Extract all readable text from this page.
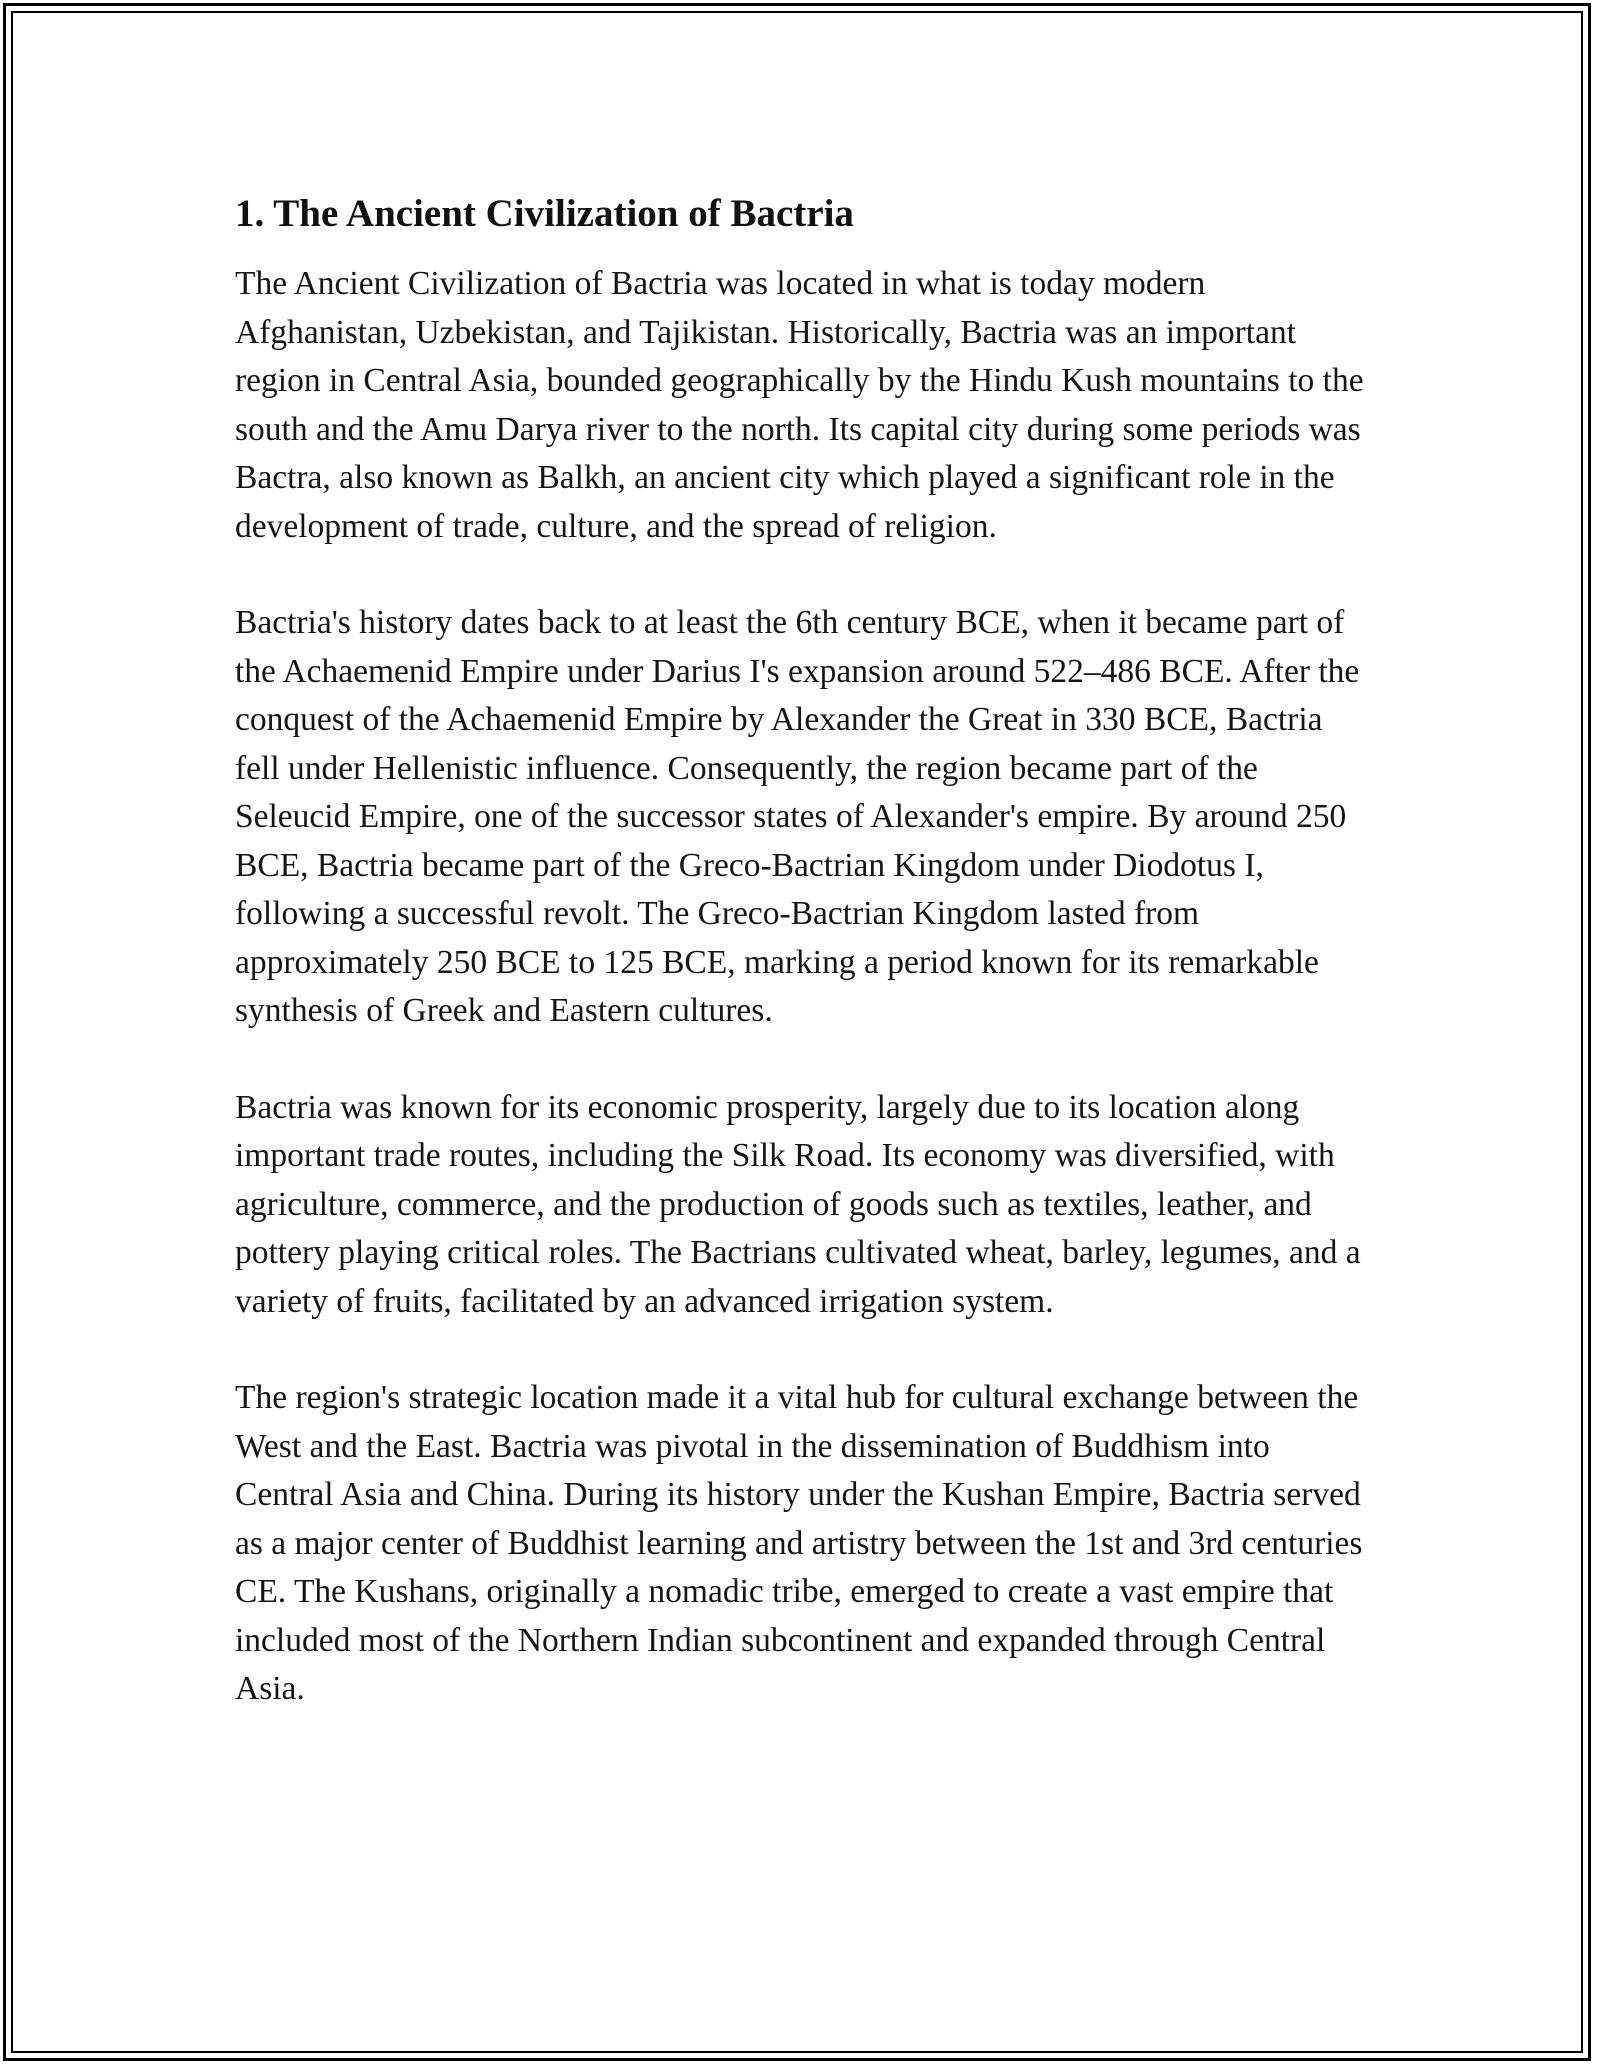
1. The Ancient Civilization of Bactria

The Ancient Civilization of Bactria was located in what is today modern Afghanistan, Uzbekistan, and Tajikistan. Historically, Bactria was an important region in Central Asia, bounded geographically by the Hindu Kush mountains to the south and the Amu Darya river to the north. Its capital city during some periods was Bactra, also known as Balkh, an ancient city which played a significant role in the development of trade, culture, and the spread of religion.

Bactria's history dates back to at least the 6th century BCE, when it became part of the Achaemenid Empire under Darius I's expansion around 522–486 BCE. After the conquest of the Achaemenid Empire by Alexander the Great in 330 BCE, Bactria fell under Hellenistic influence. Consequently, the region became part of the Seleucid Empire, one of the successor states of Alexander's empire. By around 250 BCE, Bactria became part of the Greco-Bactrian Kingdom under Diodotus I, following a successful revolt. The Greco-Bactrian Kingdom lasted from approximately 250 BCE to 125 BCE, marking a period known for its remarkable synthesis of Greek and Eastern cultures.

Bactria was known for its economic prosperity, largely due to its location along important trade routes, including the Silk Road. Its economy was diversified, with agriculture, commerce, and the production of goods such as textiles, leather, and pottery playing critical roles. The Bactrians cultivated wheat, barley, legumes, and a variety of fruits, facilitated by an advanced irrigation system.

The region's strategic location made it a vital hub for cultural exchange between the West and the East. Bactria was pivotal in the dissemination of Buddhism into Central Asia and China. During its history under the Kushan Empire, Bactria served as a major center of Buddhist learning and artistry between the 1st and 3rd centuries CE. The Kushans, originally a nomadic tribe, emerged to create a vast empire that included most of the Northern Indian subcontinent and expanded through Central Asia.
